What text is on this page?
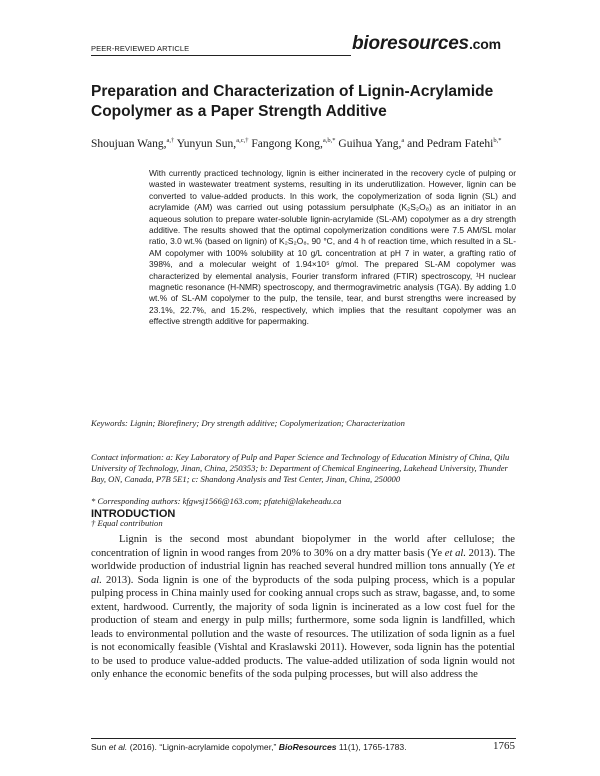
PEER-REVIEWED ARTICLE	bioresources.com
Preparation and Characterization of Lignin-Acrylamide Copolymer as a Paper Strength Additive
Shoujuan Wang,$^{a,\dagger}$ Yunyun Sun,$^{a,c,\dagger}$ Fangong Kong,$^{a,b,*}$ Guihua Yang,$^a$ and Pedram Fatehi$^{b,*}$
With currently practiced technology, lignin is either incinerated in the recovery cycle of pulping or wasted in wastewater treatment systems, resulting in its underutilization. However, lignin can be converted to value-added products. In this work, the copolymerization of soda lignin (SL) and acrylamide (AM) was carried out using potassium persulphate (K₂S₂O₈) as an initiator in an aqueous solution to prepare water-soluble lignin-acrylamide (SL-AM) copolymer as a dry strength additive. The results showed that the optimal copolymerization conditions were 7.5 AM/SL molar ratio, 3.0 wt.% (based on lignin) of K₂S₂O₈, 90 °C, and 4 h of reaction time, which resulted in a SL-AM copolymer with 100% solubility at 10 g/L concentration at pH 7 in water, a grafting ratio of 398%, and a molecular weight of 1.94×10⁵ g/mol. The prepared SL-AM copolymer was characterized by elemental analysis, Fourier transform infrared (FTIR) spectroscopy, ¹H nuclear magnetic resonance (H-NMR) spectroscopy, and thermogravimetric analysis (TGA). By adding 1.0 wt.% of SL-AM copolymer to the pulp, the tensile, tear, and burst strengths were increased by 23.1%, 22.7%, and 15.2%, respectively, which implies that the resultant copolymer was an effective strength additive for papermaking.
Keywords: Lignin; Biorefinery; Dry strength additive; Copolymerization; Characterization

Contact information: a: Key Laboratory of Pulp and Paper Science and Technology of Education Ministry of China, Qilu University of Technology, Jinan, China, 250353; b: Department of Chemical Engineering, Lakehead University, Thunder Bay, ON, Canada, P7B 5E1; c: Shandong Analysis and Test Center, Jinan, China, 250000

* Corresponding authors: kfgwsj1566@163.com; pfatehi@lakeheadu.ca

† Equal contribution

INTRODUCTION
Lignin is the second most abundant biopolymer in the world after cellulose; the concentration of lignin in wood ranges from 20% to 30% on a dry matter basis (Ye et al. 2013). The worldwide production of industrial lignin has reached several hundred million tons annually (Ye et al. 2013). Soda lignin is one of the byproducts of the soda pulping process, which is a popular pulping process in China mainly used for cooking annual crops such as straw, bagasse, and, to some extent, hardwood. Currently, the majority of soda lignin is incinerated as a low cost fuel for the production of steam and energy in pulp mills; furthermore, some soda lignin is landfilled, which leads to environmental pollution and the waste of resources. The utilization of soda lignin as a fuel is not economically feasible (Vishtal and Kraslawski 2011). However, soda lignin has the potential to be used to produce value-added products. The value-added utilization of soda lignin would not only enhance the economic benefits of the soda pulping processes, but will also address the
Sun et al. (2016). “Lignin-acrylamide copolymer,” BioResources 11(1), 1765-1783.	1765
